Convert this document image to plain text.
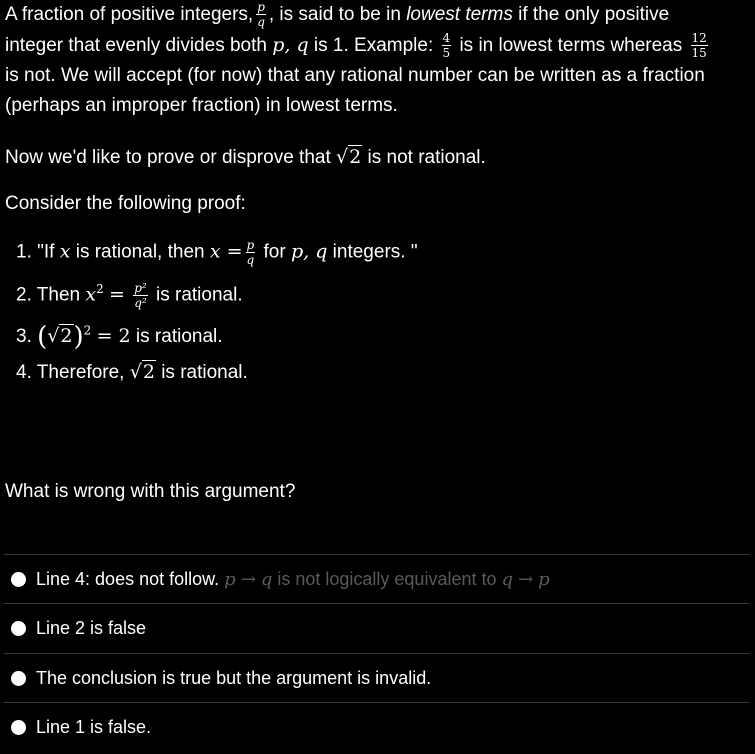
A fraction of positive integers, $\frac{p}{q}$ , is said to be in lowest terms if the only positive
integer that evenly divides both p, q is 1. Example: $\frac{4}{5}$ is in lowest terms whereas $\frac{12}{15}$
is not. We will accept (for now) that any rational number can be written as a fraction
(perhaps an improper fraction) in lowest terms.
Now we'd like to prove or disprove that √2 is not rational.
Consider the following proof:
1. "If x is rational, then $x = \frac{p}{q}$ for p, q integers. "
2. Then $x^2 = \frac{\text{p²}}{\text{q²}}$ is rational.
3. $(√2)^2 = 2$ is rational.
4. Therefore, √2 is rational.
What is wrong with this argument?
Line 4: does not follow. p → q is not logically equivalent to q → p
Line 2 is false
The conclusion is true but the argument is invalid.
Line 1 is false.
